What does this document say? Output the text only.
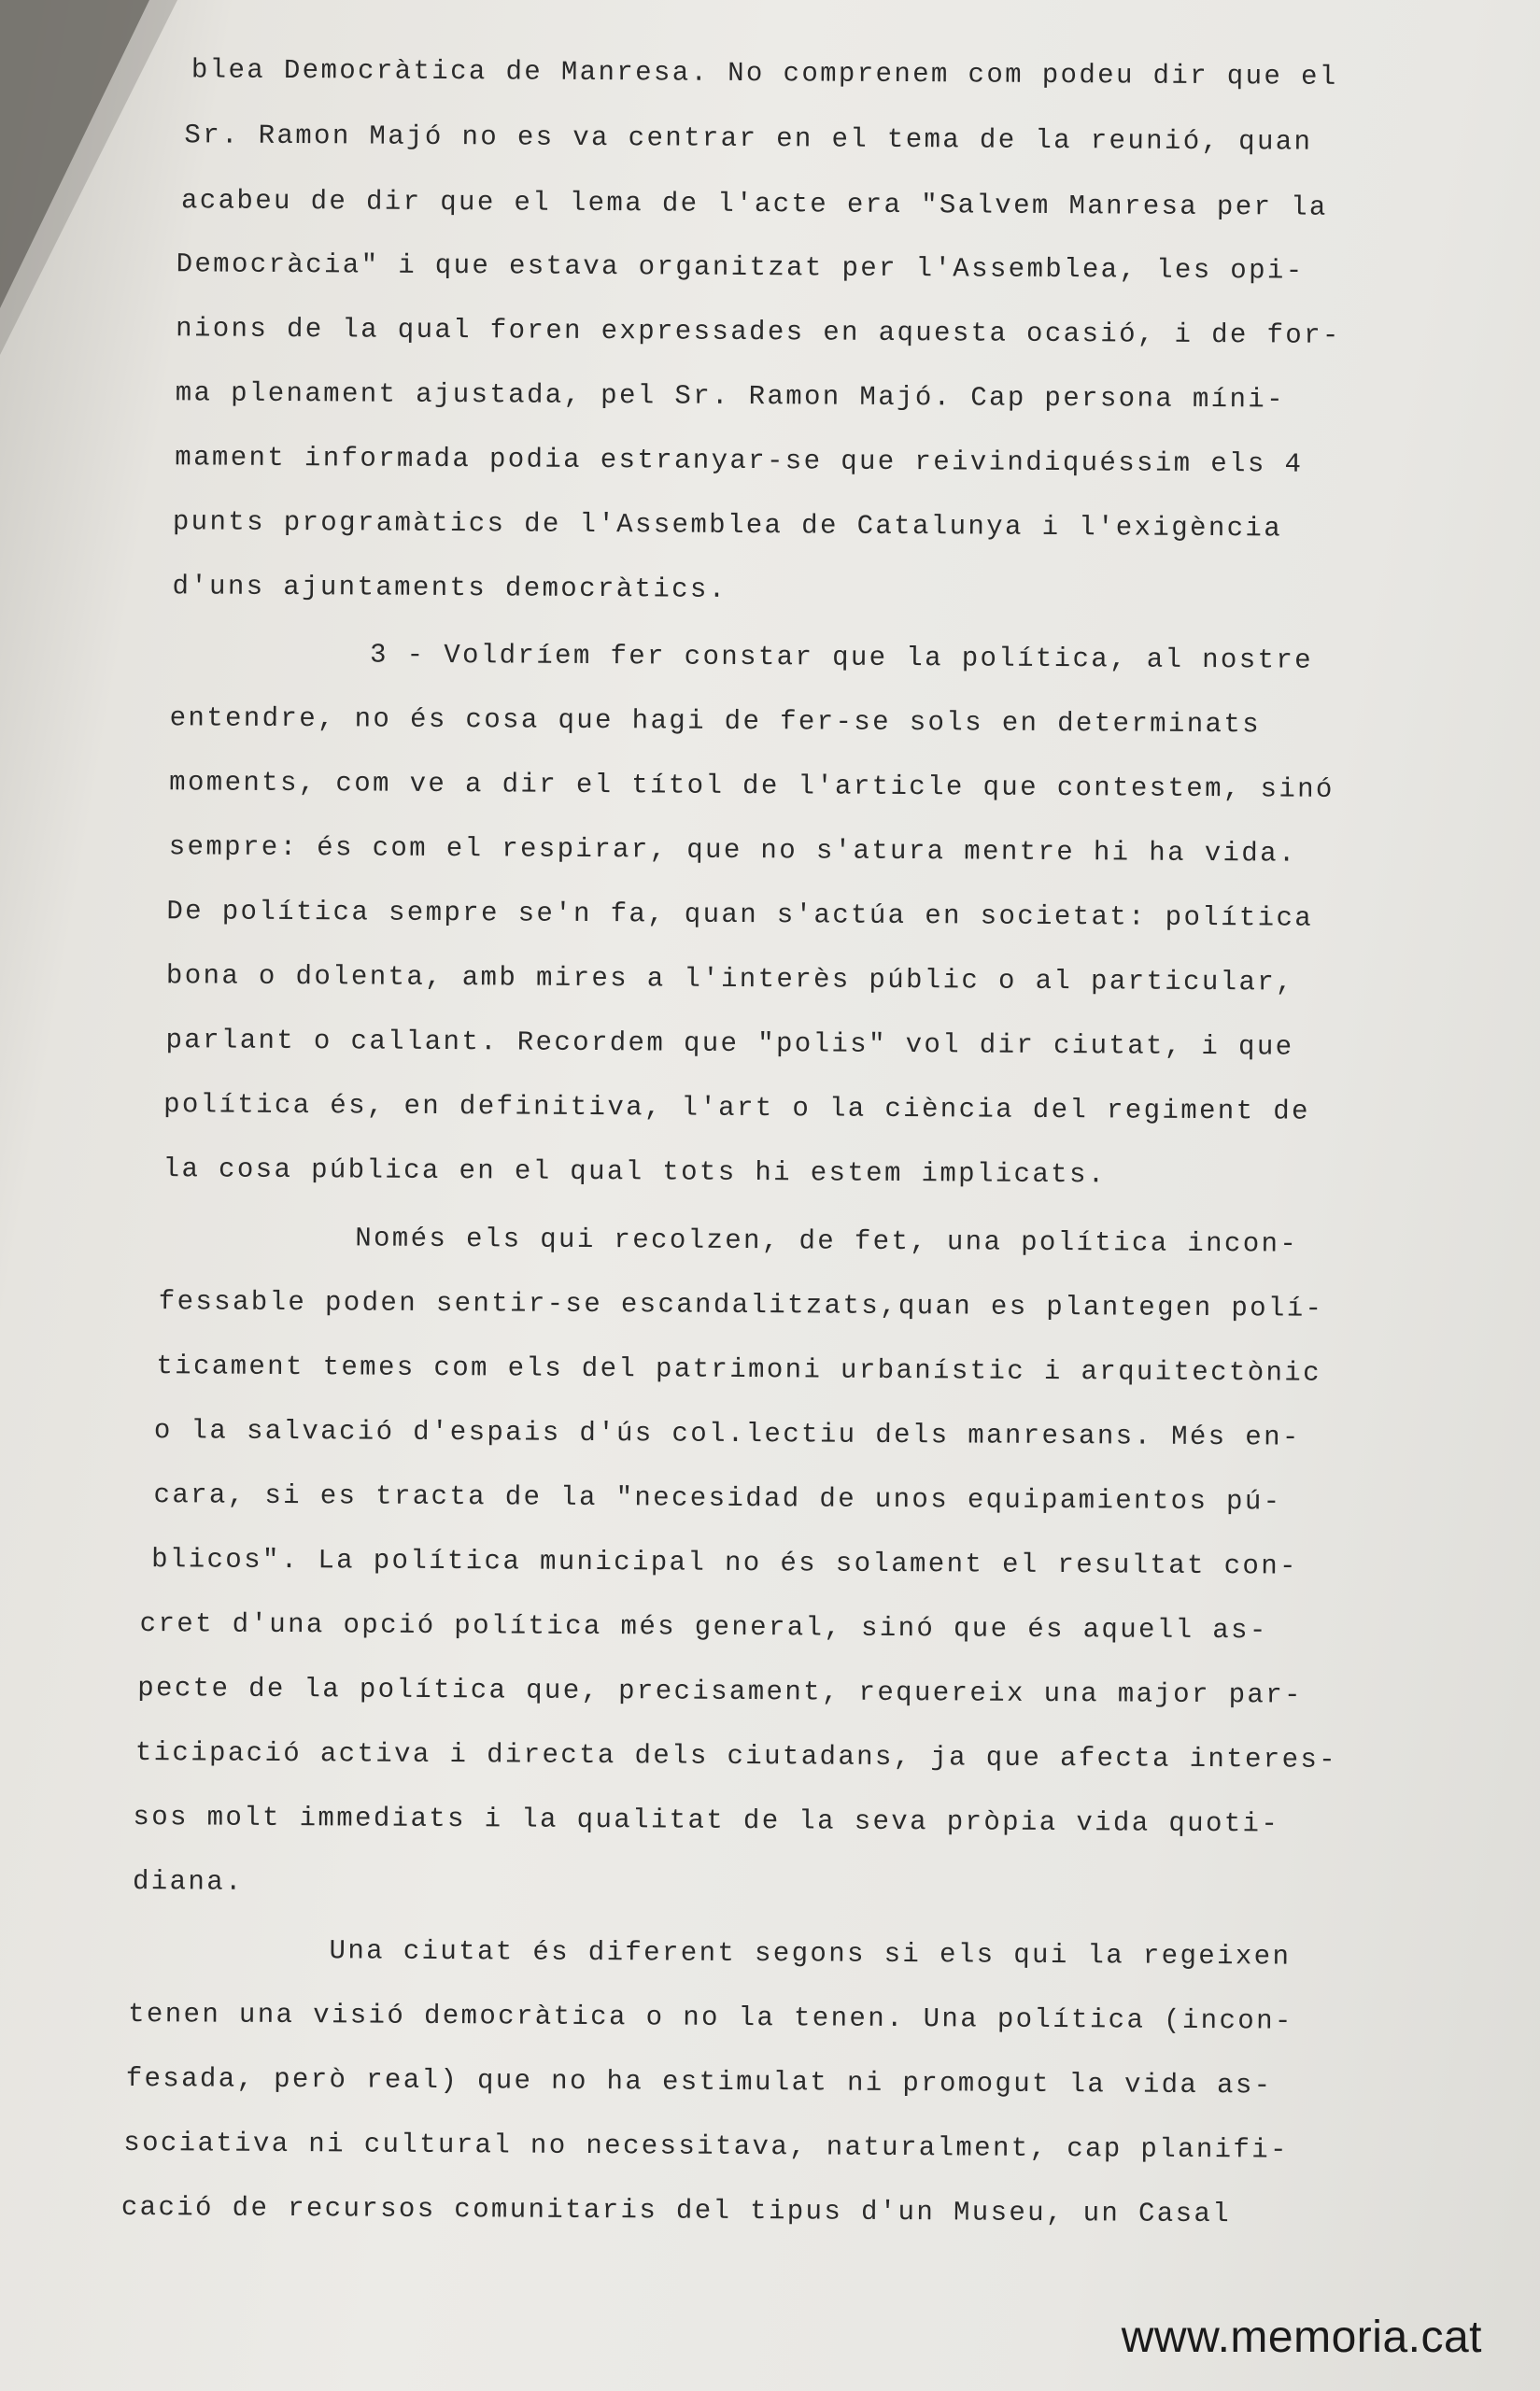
blea Democràtica de Manresa. No comprenem com podeu dir que el
Sr. Ramon Majó no es va centrar en el tema de la reunió, quan
acabeu de dir que el lema de l'acte era "Salvem Manresa per la
Democràcia" i que estava organitzat per l'Assemblea, les opi-
nions de la qual foren expressades en aquesta ocasió, i de for-
ma plenament ajustada, pel Sr. Ramon Majó. Cap persona míni-
mament informada podia estranyar-se que reivindiquéssim els 4
punts programàtics de l'Assemblea de Catalunya i l'exigència
d'uns ajuntaments democràtics.
3 - Voldríem fer constar que la política, al nostre
entendre, no és cosa que hagi de fer-se sols en determinats
moments, com ve a dir el títol de l'article que contestem, sinó
sempre: és com el respirar, que no s'atura mentre hi ha vida.
De política sempre se'n fa, quan s'actúa en societat: política
bona o dolenta, amb mires a l'interès públic o al particular,
parlant o callant. Recordem que "polis" vol dir ciutat, i que
política és, en definitiva, l'art o la ciència del regiment de
la cosa pública en el qual tots hi estem implicats.
Només els qui recolzen, de fet, una política incon-
fessable poden sentir-se escandalitzats,quan es plantegen polí-
ticament temes com els del patrimoni urbanístic i arquitectònic
o la salvació d'espais d'ús col.lectiu dels manresans. Més en-
cara, si es tracta de la "necesidad de unos equipamientos pú-
blicos". La política municipal no és solament el resultat con-
cret d'una opció política més general, sinó que és aquell as-
pecte de la política que, precisament, requereix una major par-
ticipació activa i directa dels ciutadans, ja que afecta interes-
sos molt immediats i la qualitat de la seva pròpia vida quoti-
diana.
Una ciutat és diferent segons si els qui la regeixen
tenen una visió democràtica o no la tenen. Una política (incon-
fesada, però real) que no ha estimulat ni promogut la vida as-
sociativa ni cultural no necessitava, naturalment, cap planifi-
cació de recursos comunitaris del tipus d'un Museu, un Casal
www.memoria.cat
